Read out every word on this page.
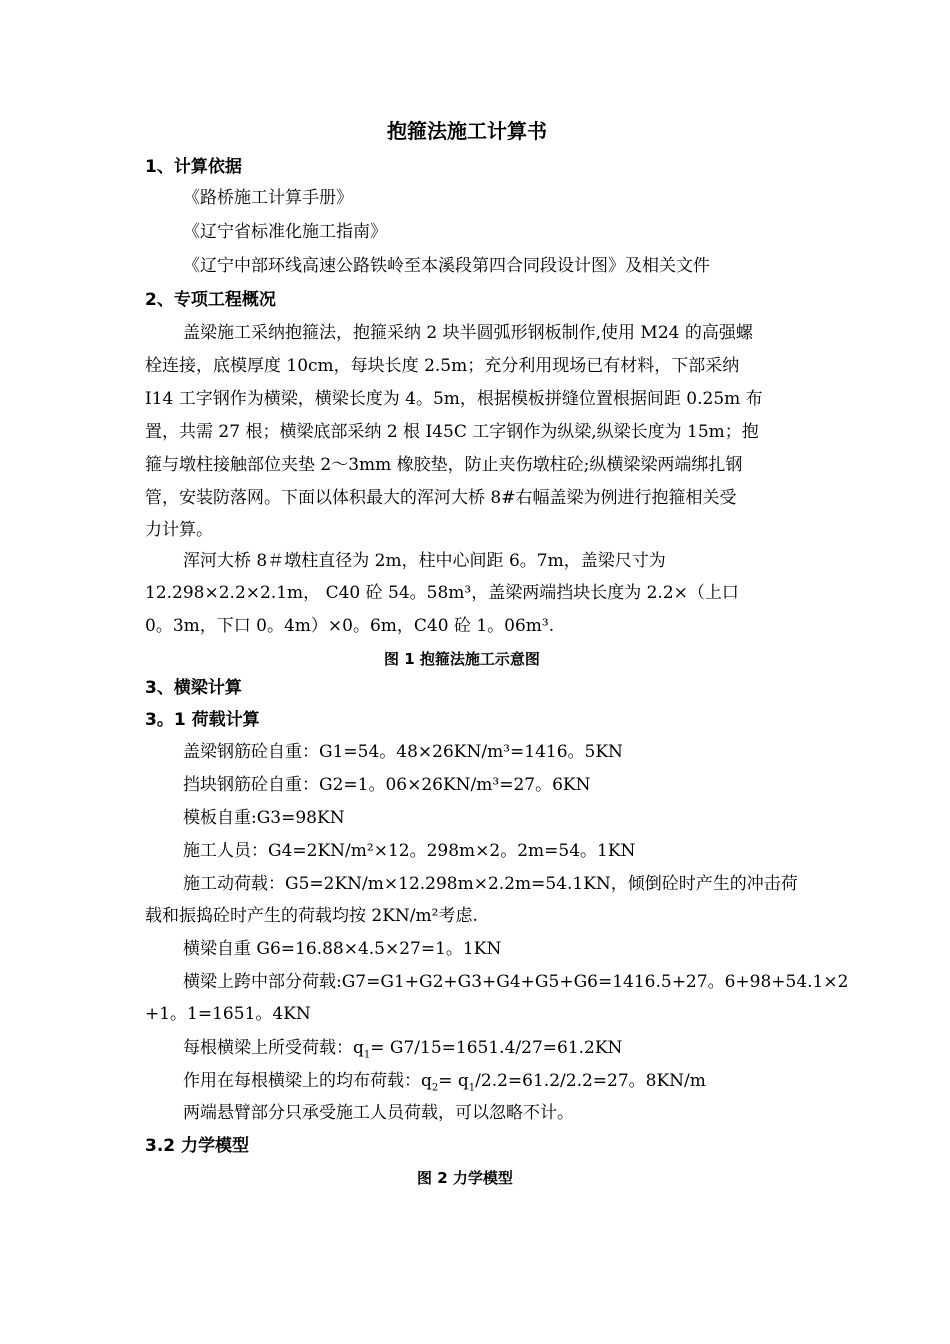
抱箍法施工计算书
1、计算依据
《路桥施工计算手册》
《辽宁省标准化施工指南》
《辽宁中部环线高速公路铁岭至本溪段第四合同段设计图》及相关文件
2、专项工程概况
盖梁施工采纳抱箍法，抱箍采纳 2 块半圆弧形钢板制作,使用 M24 的高强螺
栓连接，底模厚度 10cm，每块长度 2.5m；充分利用现场已有材料，下部采纳
I14 工字钢作为横梁，横梁长度为 4。5m，根据模板拼缝位置根据间距 0.25m 布
置，共需 27 根；横梁底部采纳 2 根 I45C 工字钢作为纵梁,纵梁长度为 15m；抱
箍与墩柱接触部位夹垫 2～3mm 橡胶垫，防止夹伤墩柱砼;纵横梁梁两端绑扎钢
管，安装防落网。下面以体积最大的浑河大桥 8#右幅盖梁为例进行抱箍相关受
力计算。
浑河大桥 8＃墩柱直径为 2m，柱中心间距 6。7m，盖梁尺寸为
12.298×2.2×2.1m， C40 砼 54。58m³，盖梁两端挡块长度为 2.2×（上口
0。3m，下口 0。4m）×0。6m，C40 砼 1。06m³.
图 1 抱箍法施工示意图
3、横梁计算
3。1 荷载计算
盖梁钢筋砼自重：G1=54。48×26KN/m³=1416。5KN
挡块钢筋砼自重：G2=1。06×26KN/m³=27。6KN
模板自重:G3=98KN
施工人员：G4=2KN/m²×12。298m×2。2m=54。1KN
施工动荷载：G5=2KN/m×12.298m×2.2m=54.1KN，倾倒砼时产生的冲击荷
载和振捣砼时产生的荷载均按 2KN/m²考虑.
横梁自重 G6=16.88×4.5×27=1。1KN
横梁上跨中部分荷载:G7=G1+G2+G3+G4+G5+G6=1416.5+27。6+98+54.1×2
+1。1=1651。4KN
每根横梁上所受荷载：$q_1= G7/15=1651.4/27=61.2KN$
作用在每根横梁上的均布荷载：$q_2= q_1/2.2=61.2/2.2=27$。8KN/m
两端悬臂部分只承受施工人员荷载，可以忽略不计。
3.2 力学模型
图 2 力学模型
